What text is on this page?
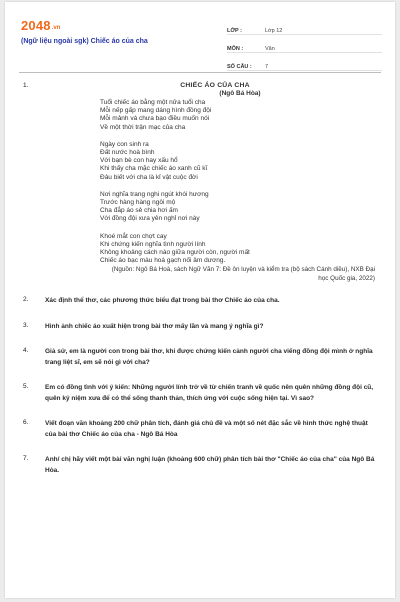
2048 .vn
(Ngữ liệu ngoài sgk) Chiếc áo của cha
LỚP :	Lớp 12
MÔN :	Văn
SỐ CÂU :	7
1.	CHIẾC ÁO CỦA CHA
(Ngô Bá Hòa)
Tuổi chiếc áo bằng một nửa tuổi cha
Mỗi nếp gấp mang dáng hình đồng đội
Mỗi mảnh vá chưa bạo điều muốn nói
Về một thời trận mạc của cha
Ngày con sinh ra
Đất nước hoà bình
Với bạn bè con hay xấu hổ
Khi thấy cha mặc chiếc áo xanh cũ kĩ
Đâu biết với cha là kỉ vật cuộc đời
Nơi nghĩa trang nghi ngút khói hương
Trước hàng hàng ngôi mộ
Cha đắp áo sẻ chia hơi ấm
Với đồng đội xưa yên nghỉ nơi này
Khoé mắt con chợt cay
Khi chứng kiến nghĩa tình người lính
Không khoảng cách nào giữa người còn, người mất
Chiếc áo bạc màu hoá gạch nối âm dương.
(Nguồn: Ngô Bá Hoà, sách Ngữ Văn 7: Đề ôn luyện và kiểm tra (bộ sách Cánh diều), NXB Đại
học Quốc gia, 2022)
2.	Xác định thể thơ, các phương thức biểu đạt trong bài thơ Chiếc áo của cha.
3.	Hình ảnh chiếc áo xuất hiện trong bài thơ mấy lần và mang ý nghĩa gì?
4.	Giả sử, em là người con trong bài thơ, khi được chứng kiến cảnh người cha viếng đồng đội mình ở nghĩa trang liệt sĩ, em sẽ nói gì với cha?
5.	Em có đồng tình với ý kiến: Những người lính trở về từ chiến tranh về quốc nên quên những đồng đội cũ, quên kỷ niệm xưa để có thể sống thanh thản, thích ứng với cuộc sống hiện tại. Vì sao?
6.	Viết đoạn văn khoảng 200 chữ phân tích, đánh giá chủ đề và một số nét đặc sắc về hình thức nghệ thuật của bài thơ Chiếc áo của cha - Ngô Bá Hòa
7.	Anh/ chị hãy viết một bài văn nghị luận (khoảng 600 chữ) phân tích bài thơ "Chiếc áo của cha" của Ngô Bá Hòa.
